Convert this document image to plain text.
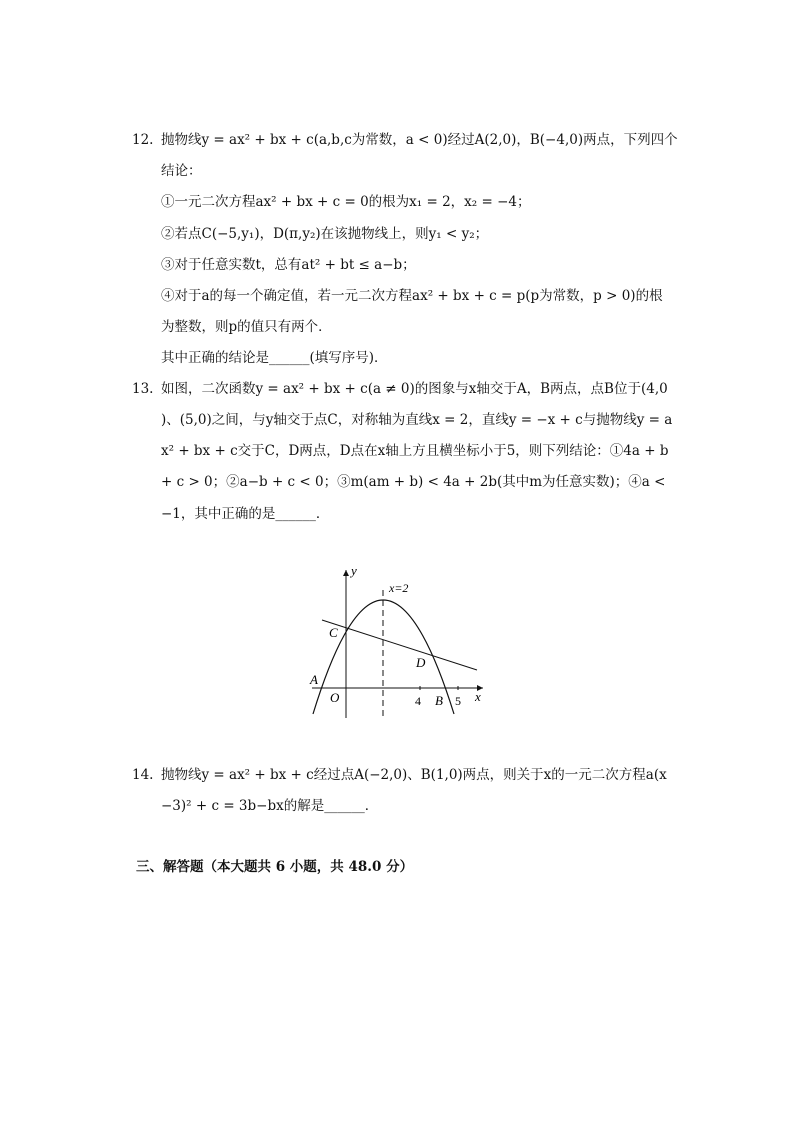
12. 抛物线y = ax² + bx + c(a,b,c为常数，a < 0)经过A(2,0)，B(−4,0)两点，下列四个
结论：
①一元二次方程ax² + bx + c = 0的根为x₁ = 2，x₂ = −4；
②若点C(−5,y₁)，D(π,y₂)在该抛物线上，则y₁ < y₂；
③对于任意实数t，总有at² + bt ≤ a−b；
④对于a的每一个确定值，若一元二次方程ax² + bx + c = p(p为常数，p > 0)的根
为整数，则p的值只有两个．
其中正确的结论是______(填写序号)．
13. 如图，二次函数y = ax² + bx + c(a ≠ 0)的图象与x轴交于A，B两点，点B位于(4,0
)、(5,0)之间，与y轴交于点C，对称轴为直线x = 2，直线y = −x + c与抛物线y = a
x² + bx + c交于C，D两点，D点在x轴上方且横坐标小于5，则下列结论：①4a + b
+ c > 0；②a−b + c < 0；③m(am + b) < 4a + 2b(其中m为任意实数)；④a <
−1，其中正确的是______．
y
x
x=2
C
D
A
O	B
4	5
14. 抛物线y = ax² + bx + c经过点A(−2,0)、B(1,0)两点，则关于x的一元二次方程a(x
−3)² + c = 3b−bx的解是______．
三、解答题（本大题共 6 小题，共 48.0 分）
